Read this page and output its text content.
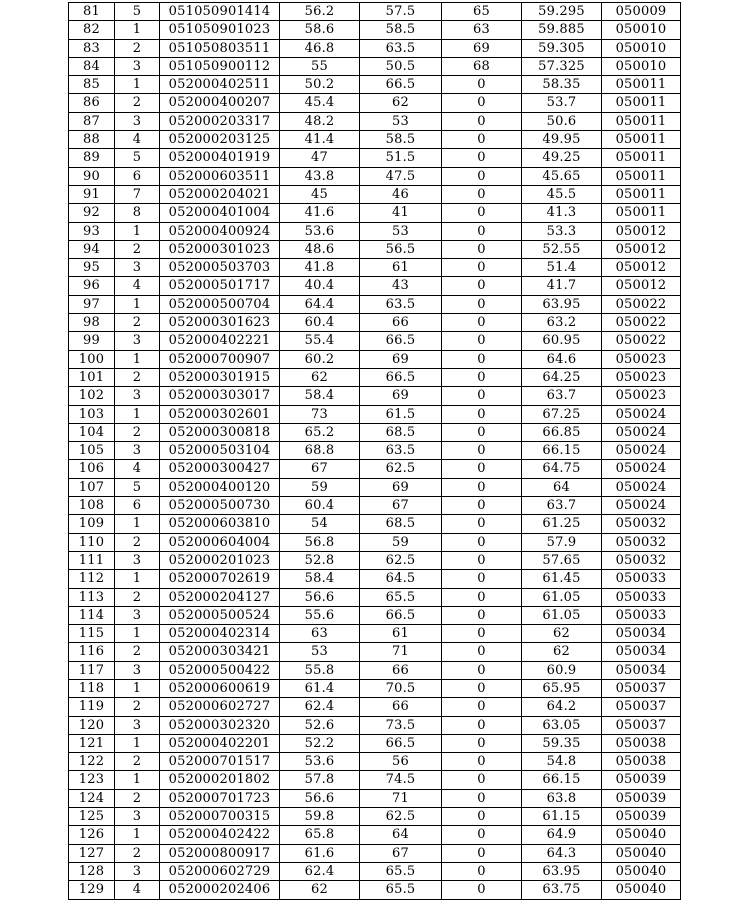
81	5	051050901414	56.2	57.5	65	59.295	050009
82	1	051050901023	58.6	58.5	63	59.885	050010
83	2	051050803511	46.8	63.5	69	59.305	050010
84	3	051050900112	55	50.5	68	57.325	050010
85	1	052000402511	50.2	66.5	0	58.35	050011
86	2	052000400207	45.4	62	0	53.7	050011
87	3	052000203317	48.2	53	0	50.6	050011
88	4	052000203125	41.4	58.5	0	49.95	050011
89	5	052000401919	47	51.5	0	49.25	050011
90	6	052000603511	43.8	47.5	0	45.65	050011
91	7	052000204021	45	46	0	45.5	050011
92	8	052000401004	41.6	41	0	41.3	050011
93	1	052000400924	53.6	53	0	53.3	050012
94	2	052000301023	48.6	56.5	0	52.55	050012
95	3	052000503703	41.8	61	0	51.4	050012
96	4	052000501717	40.4	43	0	41.7	050012
97	1	052000500704	64.4	63.5	0	63.95	050022
98	2	052000301623	60.4	66	0	63.2	050022
99	3	052000402221	55.4	66.5	0	60.95	050022
100	1	052000700907	60.2	69	0	64.6	050023
101	2	052000301915	62	66.5	0	64.25	050023
102	3	052000303017	58.4	69	0	63.7	050023
103	1	052000302601	73	61.5	0	67.25	050024
104	2	052000300818	65.2	68.5	0	66.85	050024
105	3	052000503104	68.8	63.5	0	66.15	050024
106	4	052000300427	67	62.5	0	64.75	050024
107	5	052000400120	59	69	0	64	050024
108	6	052000500730	60.4	67	0	63.7	050024
109	1	052000603810	54	68.5	0	61.25	050032
110	2	052000604004	56.8	59	0	57.9	050032
111	3	052000201023	52.8	62.5	0	57.65	050032
112	1	052000702619	58.4	64.5	0	61.45	050033
113	2	052000204127	56.6	65.5	0	61.05	050033
114	3	052000500524	55.6	66.5	0	61.05	050033
115	1	052000402314	63	61	0	62	050034
116	2	052000303421	53	71	0	62	050034
117	3	052000500422	55.8	66	0	60.9	050034
118	1	052000600619	61.4	70.5	0	65.95	050037
119	2	052000602727	62.4	66	0	64.2	050037
120	3	052000302320	52.6	73.5	0	63.05	050037
121	1	052000402201	52.2	66.5	0	59.35	050038
122	2	052000701517	53.6	56	0	54.8	050038
123	1	052000201802	57.8	74.5	0	66.15	050039
124	2	052000701723	56.6	71	0	63.8	050039
125	3	052000700315	59.8	62.5	0	61.15	050039
126	1	052000402422	65.8	64	0	64.9	050040
127	2	052000800917	61.6	67	0	64.3	050040
128	3	052000602729	62.4	65.5	0	63.95	050040
129	4	052000202406	62	65.5	0	63.75	050040
